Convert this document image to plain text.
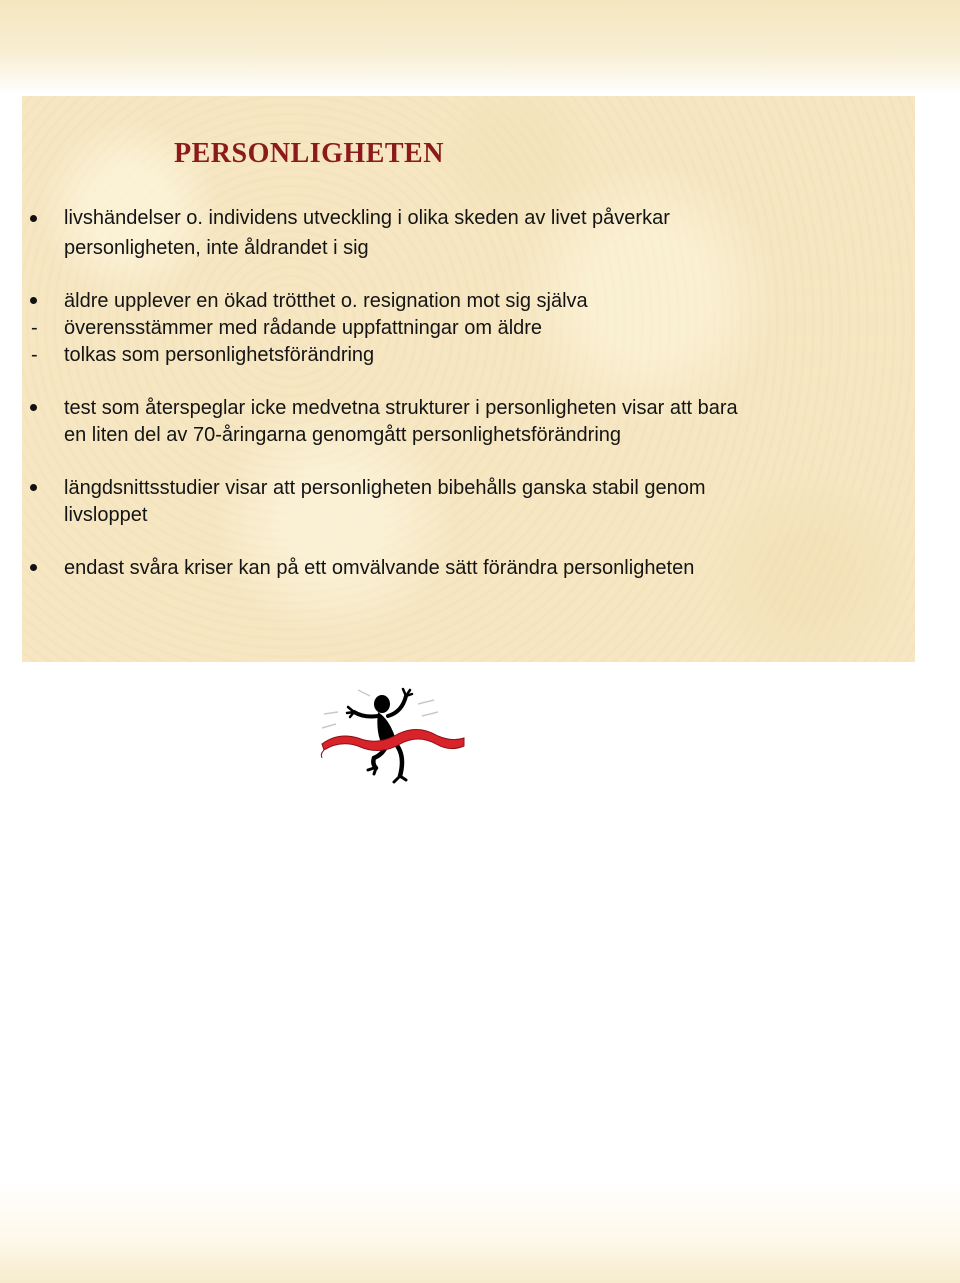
PERSONLIGHETEN
livshändelser o. individens utveckling i olika skeden av livet påverkar
personligheten, inte åldrandet i sig
äldre upplever en ökad trötthet o. resignation mot sig själva
- överensstämmer med rådande uppfattningar om äldre
- tolkas som personlighetsförändring
test som återspeglar icke medvetna strukturer i personligheten visar att bara
en liten del av 70-åringarna genomgått personlighetsförändring
längdsnittsstudier visar att personligheten bibehålls ganska stabil genom
livsloppet
endast svåra kriser kan på ett omvälvande sätt förändra personligheten
